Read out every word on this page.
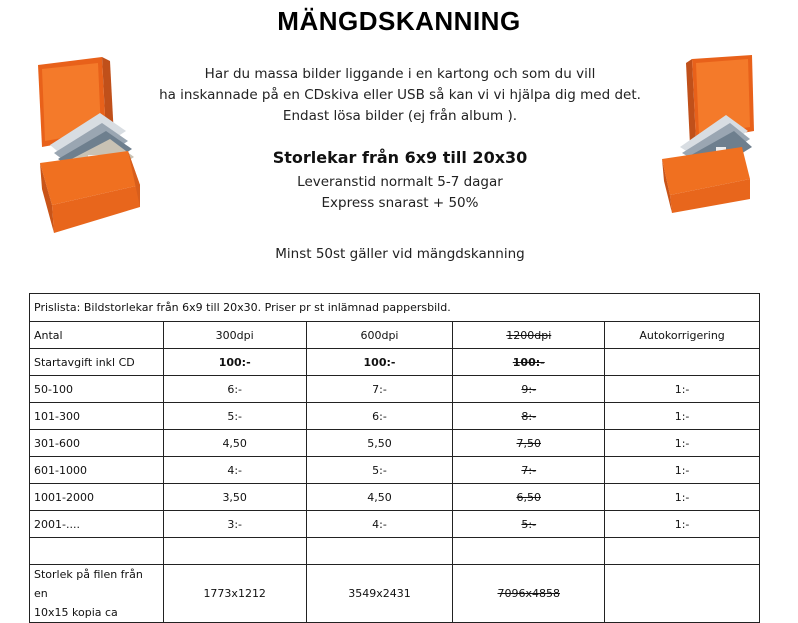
MÄNGDSKANNING
Har du massa bilder liggande i en kartong och som du vill
ha inskannade på en CDskiva eller USB så kan vi vi hjälpa dig med det.
Endast lösa bilder (ej från album ).
Storlekar från 6x9 till 20x30
Leveranstid normalt 5-7 dagar
Express snarast + 50%
Minst 50st gäller vid mängdskanning
Prislista: Bildstorlekar från 6x9 till 20x30. Priser pr st inlämnad pappersbild.				
Antal	300dpi	600dpi	1200dpi	Autokorrigering
Startavgift inkl CD	100:-	100:-	100:-	
50-100	6:-	7:-	9:-	1:-
101-300	5:-	6:-	8:-	1:-
301-600	4,50	5,50	7,50	1:-
601-1000	4:-	5:-	7:-	1:-
1001-2000	3,50	4,50	6,50	1:-
2001-....	3:-	4:-	5:-	1:-

Storlek på filen från en
10x15 kopia ca	1773x1212	3549x2431	7096x4858	
